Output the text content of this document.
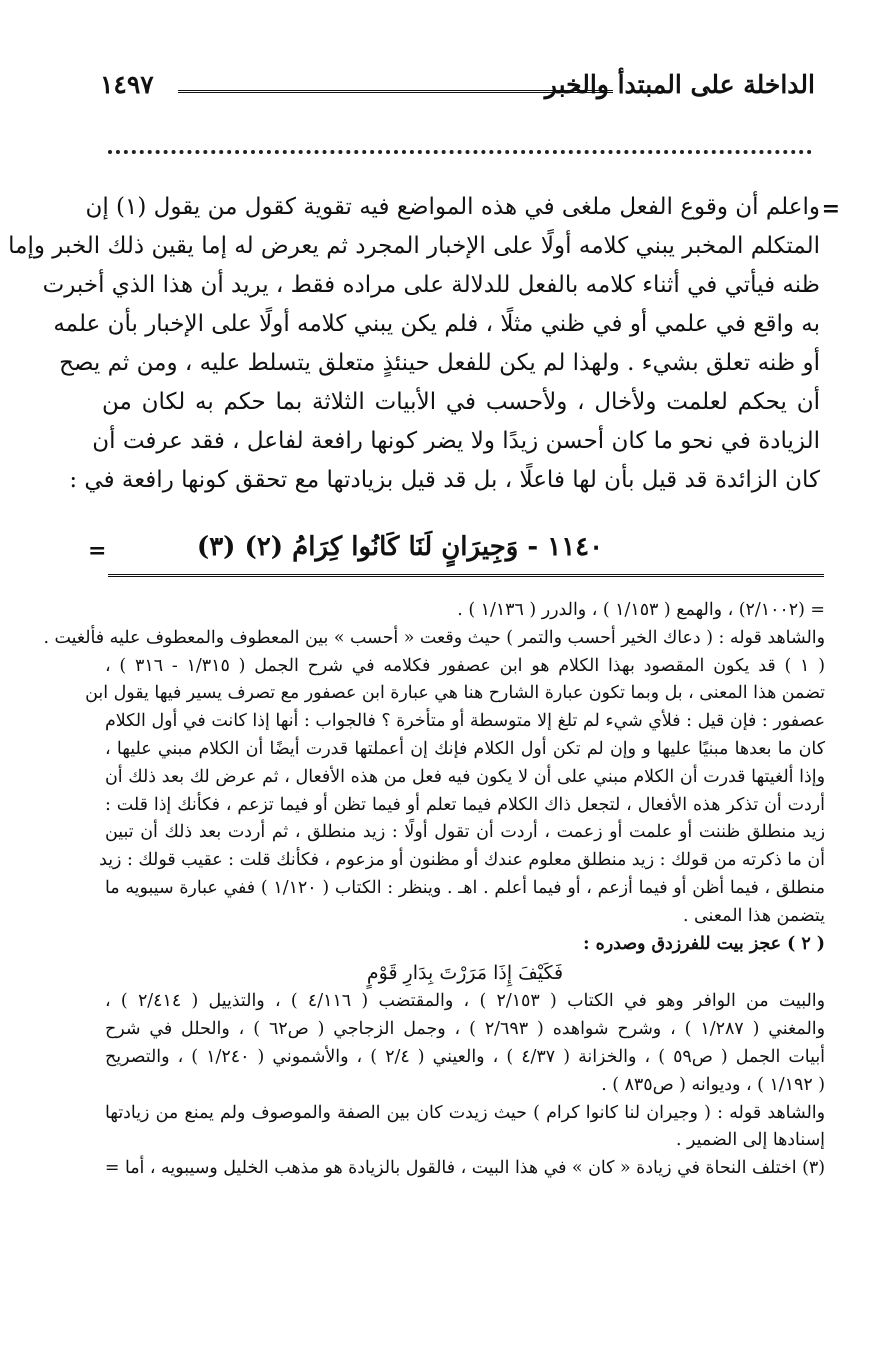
الداخلة على المبتدأ والخبر
١٤٩٧
=
واعلم أن وقوع الفعل ملغى في هذه المواضع فيه تقوية كقول من يقول (١) إن
المتكلم المخبر يبني كلامه أولًا على الإخبار المجرد ثم يعرض له إما يقين ذلك الخبر وإما
ظنه فيأتي في أثناء كلامه بالفعل للدلالة على مراده فقط ، يريد أن هذا الذي أخبرت
به واقع في علمي أو في ظني مثلًا ، فلم يكن يبني كلامه أولًا على الإخبار بأن علمه
أو ظنه تعلق بشيء . ولهذا لم يكن للفعل حينئذٍ متعلق يتسلط عليه ، ومن ثم يصح
أن يحكم لعلمت ولأخال ، ولأحسب في الأبيات الثلاثة بما حكم به لكان من
الزيادة في نحو ما كان أحسن زيدًا ولا يضر كونها رافعة لفاعل ، فقد عرفت أن
كان الزائدة قد قيل بأن لها فاعلًا ، بل قد قيل بزيادتها مع تحقق كونها رافعة في :
١١٤٠ - وَجِيرَانٍ لَنَا كَانُوا كِرَامُ (٢) (٣)
=
= (٢/١٠٠٢) ، والهمع ( ١/١٥٣ ) ، والدرر ( ١/١٣٦ ) .
والشاهد قوله : ( دعاك الخير أحسب والتمر ) حيث وقعت « أحسب » بين المعطوف والمعطوف عليه فألغيت .
( ١ ) قد يكون المقصود بهذا الكلام هو ابن عصفور فكلامه في شرح الجمل ( ١/٣١٥ - ٣١٦ ) ،
تضمن هذا المعنى ، بل وبما تكون عبارة الشارح هنا هي عبارة ابن عصفور مع تصرف يسير فيها يقول ابن
عصفور : فإن قيل : فلأي شيء لم تلغ إلا متوسطة أو متأخرة ؟ فالجواب : أنها إذا كانت في أول الكلام
كان ما بعدها مبنيًا عليها و وإن لم تكن أول الكلام فإنك إن أعملتها قدرت أيضًا أن الكلام مبني عليها ،
وإذا ألغيتها قدرت أن الكلام مبني على أن لا يكون فيه فعل من هذه الأفعال ، ثم عرض لك بعد ذلك أن
أردت أن تذكر هذه الأفعال ، لتجعل ذاك الكلام فيما تعلم أو فيما تظن أو فيما تزعم ، فكأنك إذا قلت :
زيد منطلق ظننت أو علمت أو زعمت ، أردت أن تقول أولًا : زيد منطلق ، ثم أردت بعد ذلك أن تبين
أن ما ذكرته من قولك : زيد منطلق معلوم عندك أو مظنون أو مزعوم ، فكأنك قلت : عقيب قولك : زيد
منطلق ، فيما أظن أو فيما أزعم ، أو فيما أعلم . اهـ . وينظر : الكتاب ( ١/١٢٠ ) ففي عبارة سيبويه ما
يتضمن هذا المعنى .
( ٢ ) عجز بيت للفرزدق وصدره :
فَكَيْفَ إِذَا مَرَرْتَ بِدَارِ قَوْمٍ
والبيت من الوافر وهو في الكتاب ( ٢/١٥٣ ) ، والمقتضب ( ٤/١١٦ ) ، والتذييل ( ٢/٤١٤ ) ،
والمغني ( ١/٢٨٧ ) ، وشرح شواهده ( ٢/٦٩٣ ) ، وجمل الزجاجي ( ص٦٢ ) ، والحلل في شرح
أبيات الجمل ( ص٥٩ ) ، والخزانة ( ٤/٣٧ ) ، والعيني ( ٢/٤ ) ، والأشموني ( ١/٢٤٠ ) ، والتصريح
( ١/١٩٢ ) ، وديوانه ( ص٨٣٥ ) .
والشاهد قوله : ( وجيران لنا كانوا كرام ) حيث زيدت كان بين الصفة والموصوف ولم يمنع من زيادتها
إسنادها إلى الضمير .
(٣) اختلف النحاة في زيادة « كان » في هذا البيت ، فالقول بالزيادة هو مذهب الخليل وسيبويه ، أما =
